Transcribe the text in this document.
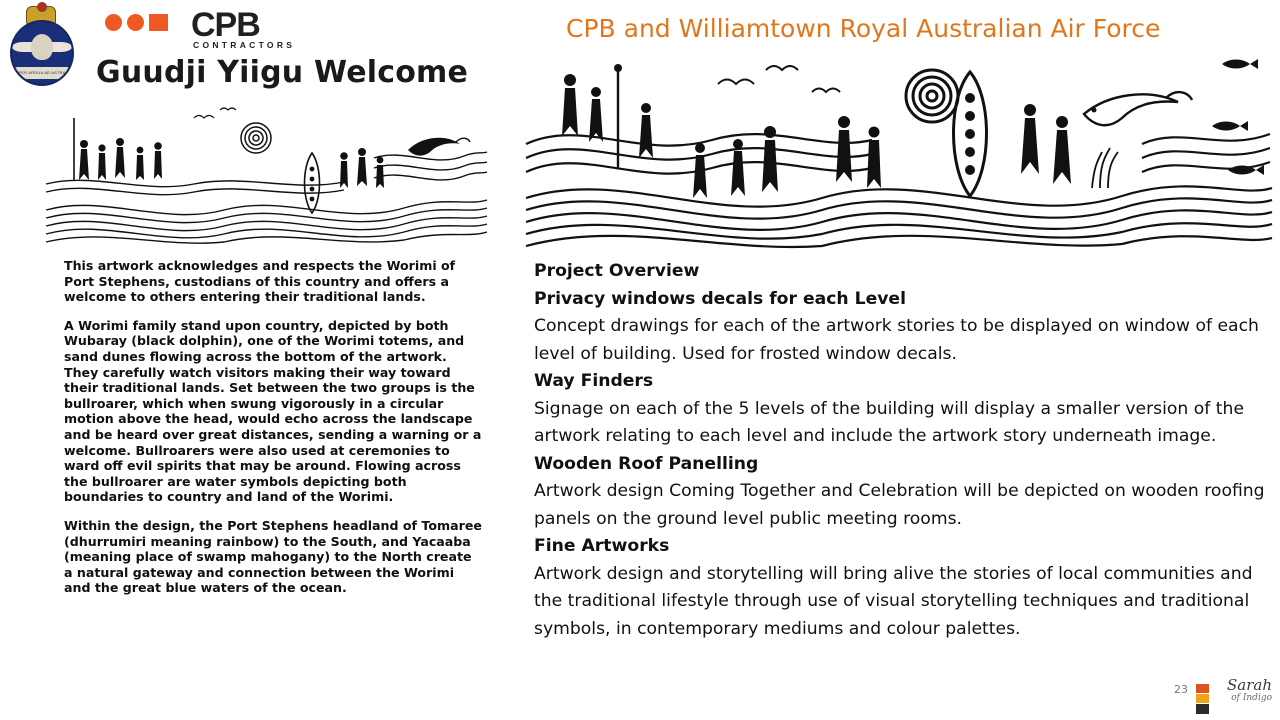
PER ARDUA AD ASTRA
CPB
CONTRACTORS
Guudji Yiigu Welcome

This artwork acknowledges and respects the Worimi of Port Stephens, custodians of this country and offers a welcome to others entering their traditional lands.

A Worimi family stand upon country, depicted by both Wubaray (black dolphin), one of the Worimi totems, and sand dunes flowing across the bottom of the artwork. They carefully watch visitors making their way toward their traditional lands. Set between the two groups is the bullroarer, which when swung vigorously in a circular motion above the head, would echo across the landscape and be heard over great distances, sending a warning or a welcome. Bullroarers were also used at ceremonies to ward off evil spirits that may be around. Flowing across the bullroarer are water symbols depicting both boundaries to country and land of the Worimi.

Within the design, the Port Stephens headland of Tomaree (dhurrumiri meaning rainbow) to the South, and Yacaaba (meaning place of swamp mahogany) to the North create a natural gateway and connection between the Worimi and the great blue waters of the ocean.

CPB and Williamtown Royal Australian Air Force
Project Overview
Privacy windows decals for each Level
Concept drawings for each of the artwork stories to be displayed on window of each level of building. Used for frosted window decals.
Way Finders
Signage on each of the 5 levels of the building will display a smaller version of the artwork relating to each level and include the artwork story underneath image.
Wooden Roof Panelling
Artwork design Coming Together and Celebration will be depicted on wooden roofing panels on the ground level public meeting rooms.
Fine Artworks
Artwork design and storytelling will bring alive the stories of local communities and the traditional lifestyle through use of visual storytelling techniques and traditional symbols, in contemporary mediums and colour palettes.
23	Sarah
of Indigo
